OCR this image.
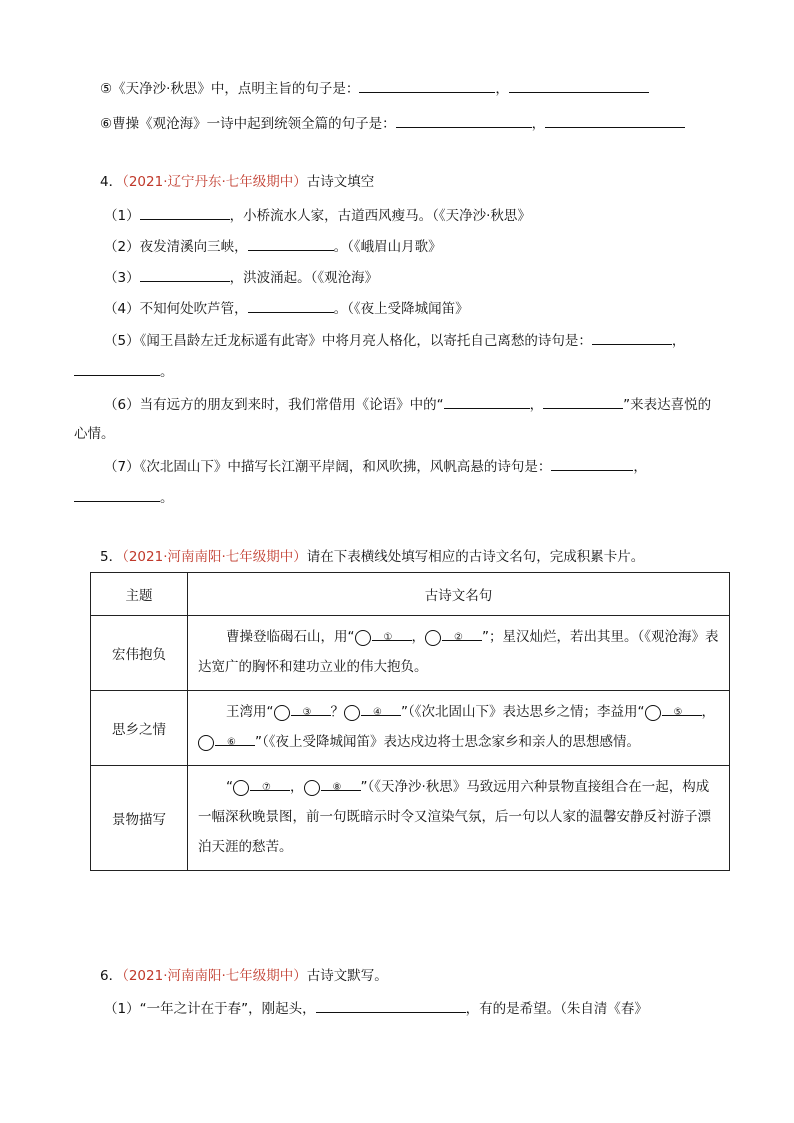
⑤《天净沙·秋思》中，点明主旨的句子是：	，
⑥曹操《观沧海》一诗中起到统领全篇的句子是：	，
4．（2021·辽宁丹东·七年级期中）古诗文填空
（1）	，小桥流水人家，古道西风瘦马。（《天净沙·秋思》
（2）夜发清溪向三峡，	。（《峨眉山月歌》
（3）	，洪波涌起。（《观沧海》
（4）不知何处吹芦管，	。（《夜上受降城闻笛》
（5）《闻王昌龄左迁龙标遥有此寄》中将月亮人格化，以寄托自己离愁的诗句是：	，
。
（6）当有远方的朋友到来时，我们常借用《论语》中的“	，	”来表达喜悦的
心情。
（7）《次北固山下》中描写长江潮平岸阔，和风吹拂，风帆高悬的诗句是：	，
。
5．（2021·河南南阳·七年级期中）请在下表横线处填写相应的古诗文名句，完成积累卡片。
主题	古诗文名句
宏伟抱负	曹操登临碣石山，用“ ① ， ② ”；星汉灿烂，若出其里。（《观沧海》表达宽广的胸怀和建功立业的伟大抱负。
思乡之情	王湾用“ ③ ？ ④ ”（《次北固山下》表达思乡之情；李益用“ ⑤ ，⑥ ”（《夜上受降城闻笛》表达戍边将士思念家乡和亲人的思想感情。
景物描写	“ ⑦ ， ⑧ ”（《天净沙·秋思》马致远用六种景物直接组合在一起，构成一幅深秋晚景图，前一句既暗示时令又渲染气氛，后一句以人家的温馨安静反衬游子漂泊天涯的愁苦。
6．（2021·河南南阳·七年级期中）古诗文默写。
（1）“一年之计在于春”，刚起头，	，有的是希望。（朱自清《春》
